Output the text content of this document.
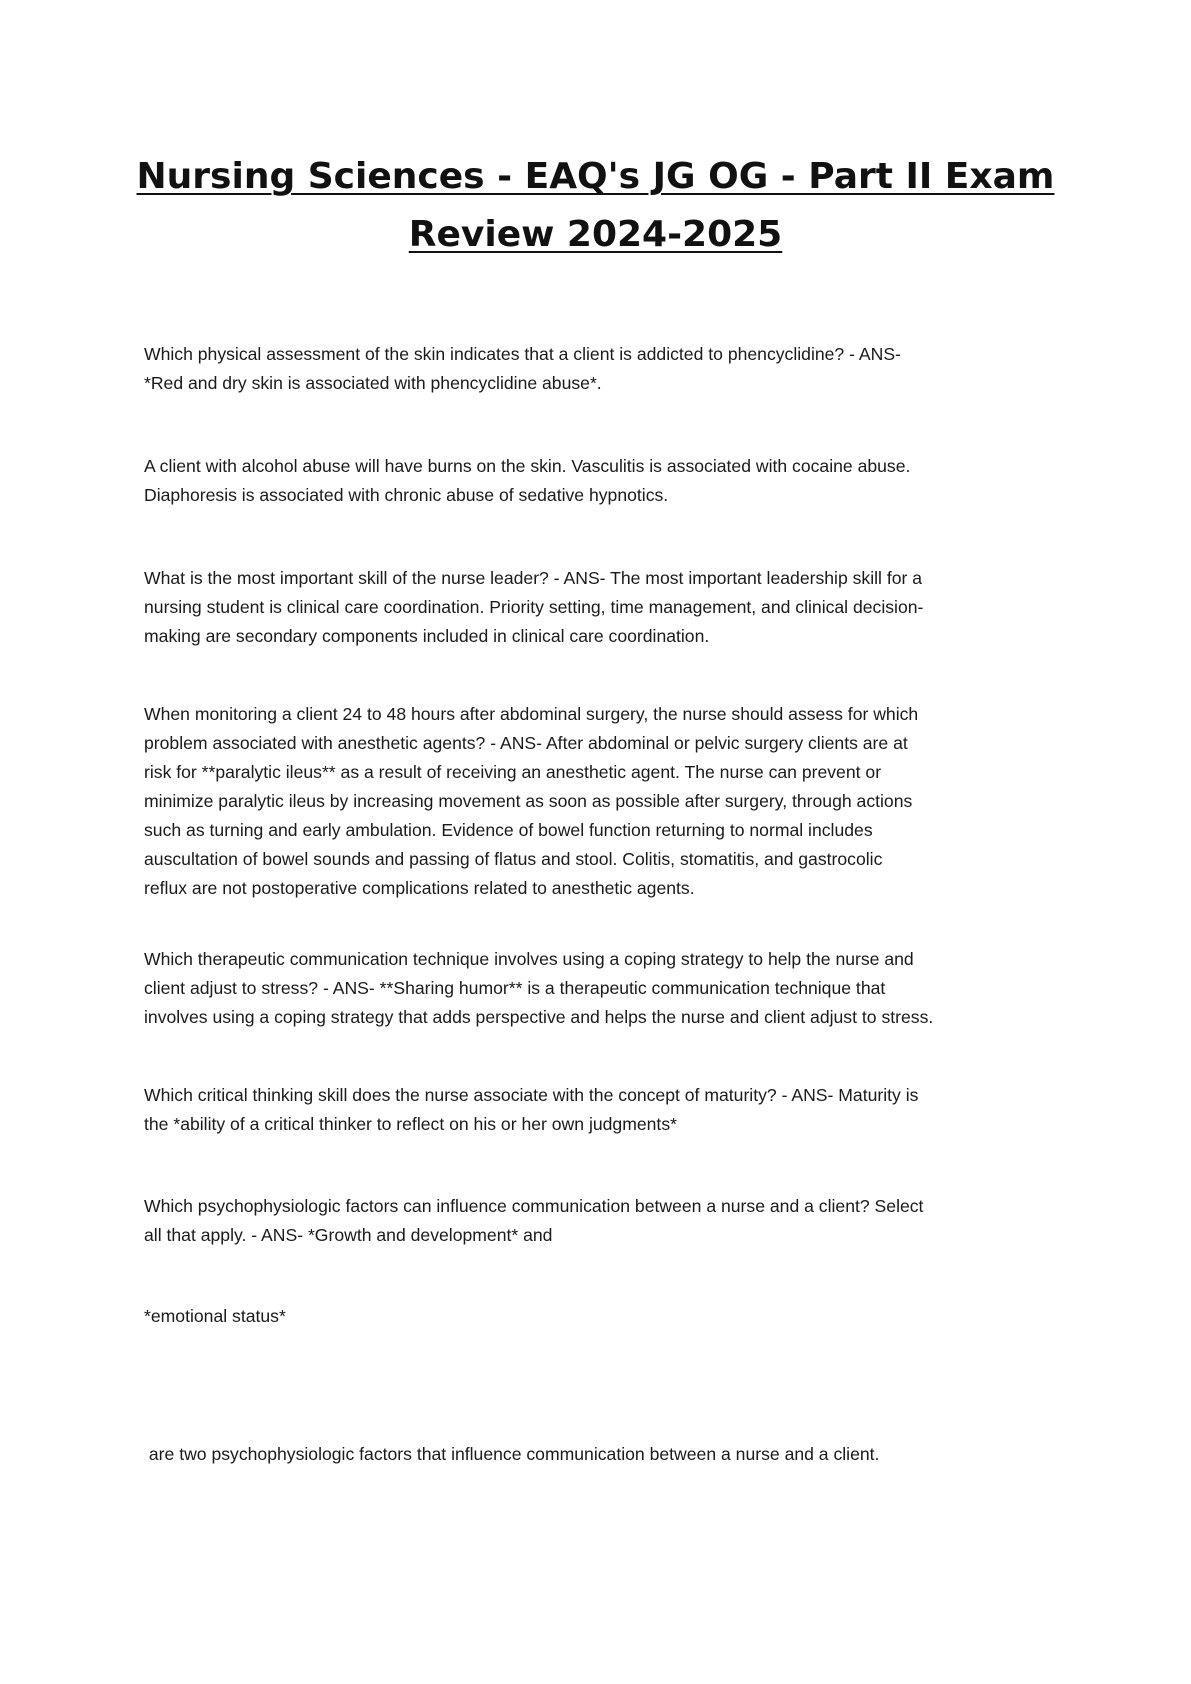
Nursing Sciences - EAQ's JG OG - Part II Exam
Review 2024-2025

Which physical assessment of the skin indicates that a client is addicted to phencyclidine? - ANS-
*Red and dry skin is associated with phencyclidine abuse*.

A client with alcohol abuse will have burns on the skin. Vasculitis is associated with cocaine abuse.
Diaphoresis is associated with chronic abuse of sedative hypnotics.

What is the most important skill of the nurse leader? - ANS- The most important leadership skill for a
nursing student is clinical care coordination. Priority setting, time management, and clinical decision-
making are secondary components included in clinical care coordination.

When monitoring a client 24 to 48 hours after abdominal surgery, the nurse should assess for which
problem associated with anesthetic agents? - ANS- After abdominal or pelvic surgery clients are at
risk for **paralytic ileus** as a result of receiving an anesthetic agent. The nurse can prevent or
minimize paralytic ileus by increasing movement as soon as possible after surgery, through actions
such as turning and early ambulation. Evidence of bowel function returning to normal includes
auscultation of bowel sounds and passing of flatus and stool. Colitis, stomatitis, and gastrocolic
reflux are not postoperative complications related to anesthetic agents.

Which therapeutic communication technique involves using a coping strategy to help the nurse and
client adjust to stress? - ANS- **Sharing humor** is a therapeutic communication technique that
involves using a coping strategy that adds perspective and helps the nurse and client adjust to stress.

Which critical thinking skill does the nurse associate with the concept of maturity? - ANS- Maturity is
the *ability of a critical thinker to reflect on his or her own judgments*

Which psychophysiologic factors can influence communication between a nurse and a client? Select
all that apply. - ANS- *Growth and development* and

*emotional status*

are two psychophysiologic factors that influence communication between a nurse and a client.
